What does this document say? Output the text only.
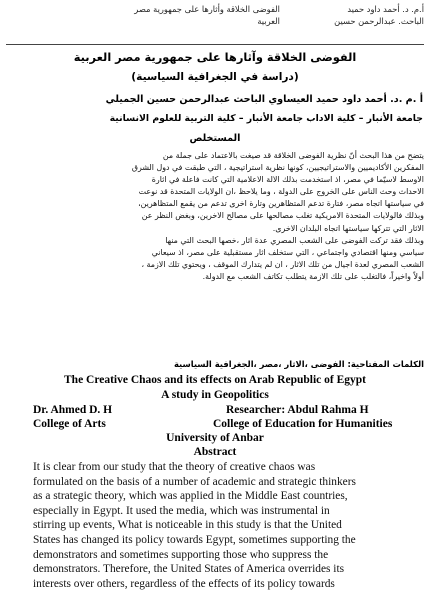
أ.م. د. أحمد داود حميد
الباحث. عبدالرحمن حسين
الفوضى الخلاقة وأثارها على جمهورية مصر
العربية
الفوضى الخلاقة وآثارها على جمهورية مصر العربية
(دراسة في الجغرافية السياسية)
أ .م .د. أحمد داود حميد العيساوي الباحث عبدالرحمن حسين الجميلي
جامعة الأنبار – كلية الاداب جامعة الأنبار – كلية التربية للعلوم الانسانية
المستخلص

يتضح من هذا البحث أنّ نظرية الفوضى الخلاقة قد صيغت بالاعتماد على جملة من

المفكرين الأكاديميين والاستراتيجيين، كونها نظرية استراتيجية ، التي طبقت في دول الشرق

الاوسط لاسيّما في مصر، اذ استخدمت بذلك الالة الاعلامية التي كانت فاعلة في اثارة

الاحداث وحث الناس على الخروج على الدولة ، وما يلاحظ ،ان الولايات المتحدة قد نوعت

في سياستها اتجاه مصر، فتارة تدعم المتظاهرين وتارة اخرى تدعم من يقمع المتظاهرين،

وبذلك فالولايات المتحدة الامريكية تغلب مصالحها على مصالح الاخرين، وبغض النظر عن

الاثار التي تتركها سياستها اتجاه البلدان الاخرى.

وبذلك فقد تركت الفوضى على الشعب المصري عدة اثار ،خصها البحث التي منها

سياسي ومنها اقتصادي واجتماعي ، التي ستخلف اثار مستقبلية على مصر، اذ سيعاني

الشعب المصري لعدة اجيال من تلك الاثار ، ان لم يتدارك الموقف ، ويحتوي تلك الازمة ،

أولاً واخيراً، فالتغلب على تلك الازمة يتطلب تكاتف الشعب مع الدولة.

الكلمات المفتاحية: الفوضى ،الاثار ،مصر ،الجغرافية السياسية
The Creative Chaos and its effects on Arab Republic of Egypt
A study in Geopolitics
Dr. Ahmed D. H	Researcher: Abdul Rahma H
College of Arts	College of Education for Humanities
University of Anbar
Abstract

It is clear from our study that the theory of creative chaos was

formulated on the basis of a number of academic and strategic thinkers

as a strategic theory, which was applied in the Middle East countries,

especially in Egypt. It used the media, which was instrumental in

stirring up events, What is noticeable in this study is that the United

States has changed its policy towards Egypt, sometimes supporting the

demonstrators and sometimes supporting those who suppress the

demonstrators. Therefore, the United States of America overrides its

interests over others, regardless of the effects of its policy towards
